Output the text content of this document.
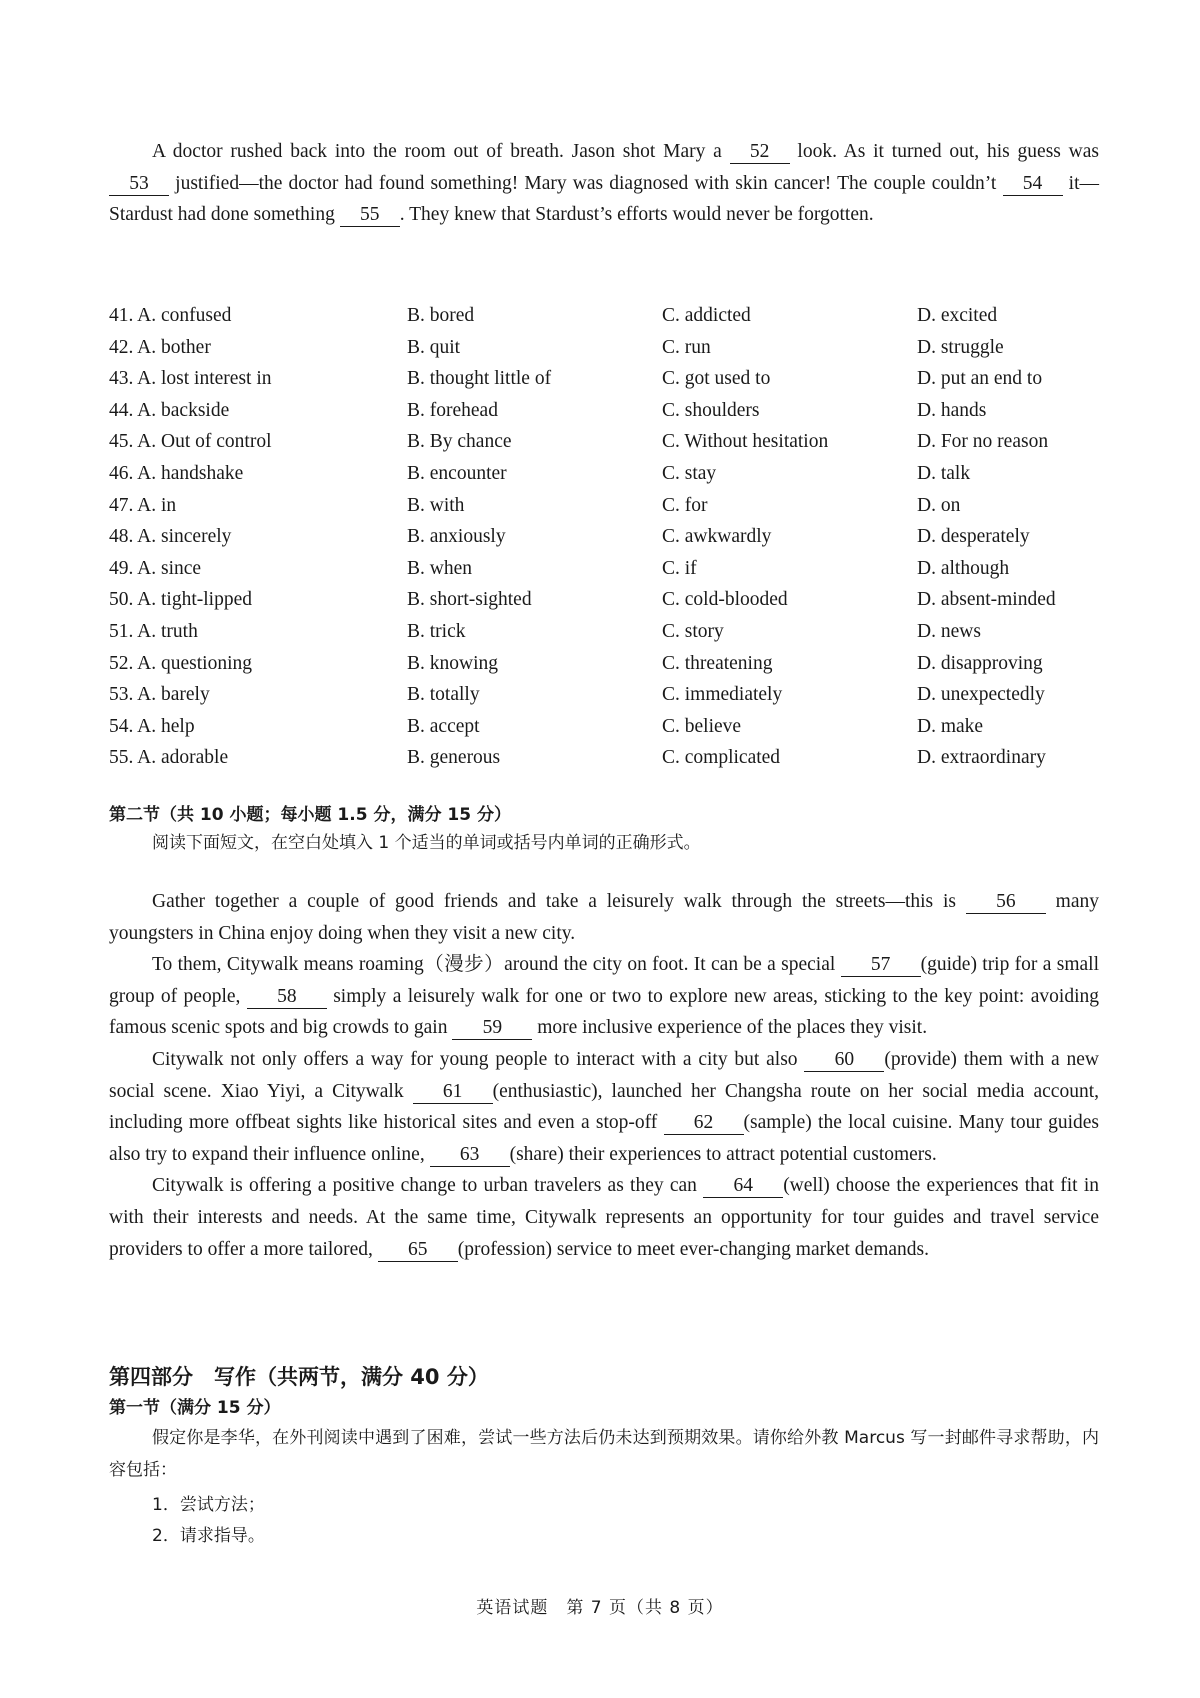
A doctor rushed back into the room out of breath. Jason shot Mary a 52 look. As it turned out, his guess was 53 justified—the doctor had found something! Mary was diagnosed with skin cancer! The couple couldn’t 54 it—Stardust had done something 55 . They knew that Stardust’s efforts would never be forgotten.

41. A. confused	B. bored	C. addicted	D. excited
42. A. bother	B. quit	C. run	D. struggle
43. A. lost interest in	B. thought little of	C. got used to	D. put an end to
44. A. backside	B. forehead	C. shoulders	D. hands
45. A. Out of control	B. By chance	C. Without hesitation	D. For no reason
46. A. handshake	B. encounter	C. stay	D. talk
47. A. in	B. with	C. for	D. on
48. A. sincerely	B. anxiously	C. awkwardly	D. desperately
49. A. since	B. when	C. if	D. although
50. A. tight-lipped	B. short-sighted	C. cold-blooded	D. absent-minded
51. A. truth	B. trick	C. story	D. news
52. A. questioning	B. knowing	C. threatening	D. disapproving
53. A. barely	B. totally	C. immediately	D. unexpectedly
54. A. help	B. accept	C. believe	D. make
55. A. adorable	B. generous	C. complicated	D. extraordinary
第二节（共 10 小题；每小题 1.5 分，满分 15 分）
阅读下面短文，在空白处填入 1 个适当的单词或括号内单词的正确形式。

Gather together a couple of good friends and take a leisurely walk through the streets—this is 56 many youngsters in China enjoy doing when they visit a new city.

To them, Citywalk means roaming（漫步）around the city on foot. It can be a special 57 (guide) trip for a small group of people, 58 simply a leisurely walk for one or two to explore new areas, sticking to the key point: avoiding famous scenic spots and big crowds to gain 59 more inclusive experience of the places they visit.

Citywalk not only offers a way for young people to interact with a city but also 60 (provide) them with a new social scene. Xiao Yiyi, a Citywalk 61 (enthusiastic), launched her Changsha route on her social media account, including more offbeat sights like historical sites and even a stop-off 62 (sample) the local cuisine. Many tour guides also try to expand their influence online, 63 (share) their experiences to attract potential customers.

Citywalk is offering a positive change to urban travelers as they can 64 (well) choose the experiences that fit in with their interests and needs. At the same time, Citywalk represents an opportunity for tour guides and travel service providers to offer a more tailored, 65 (profession) service to meet ever-changing market demands.

第四部分　写作（共两节，满分 40 分）
第一节（满分 15 分）
假定你是李华，在外刊阅读中遇到了困难，尝试一些方法后仍未达到预期效果。请你给外教 Marcus 写一封邮件寻求帮助，内容包括：
1．尝试方法；
2．请求指导。
英语试题　第 7 页（共 8 页）
